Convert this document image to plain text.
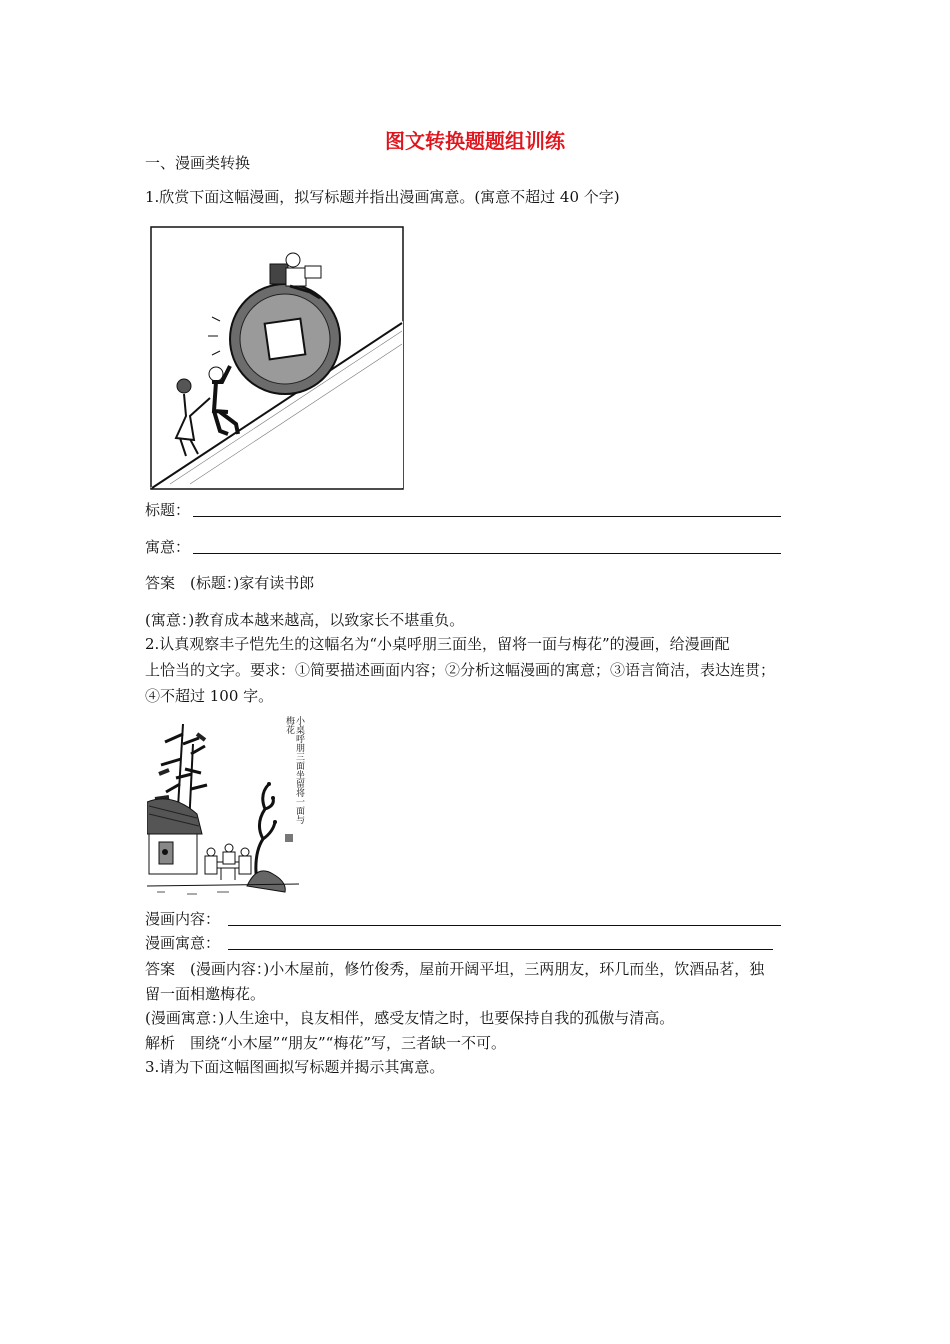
图文转换题题组训练
一、漫画类转换
1.欣赏下面这幅漫画，拟写标题并指出漫画寓意。(寓意不超过 40 个字)
标题：
寓意：
答案　(标题：)家有读书郎
(寓意：)教育成本越来越高，以致家长不堪重负。
2.认真观察丰子恺先生的这幅名为“小桌呼朋三面坐，留将一面与梅花”的漫画，给漫画配
上恰当的文字。要求：①简要描述画面内容；②分析这幅漫画的寓意；③语言简洁，表达连贯；
④不超过 100 字。
小桌呼朋三面坐留将一面与梅花
漫画内容：
漫画寓意：
答案　(漫画内容：)小木屋前，修竹俊秀，屋前开阔平坦，三两朋友，环几而坐，饮酒品茗，独
留一面相邀梅花。
(漫画寓意：)人生途中，良友相伴，感受友情之时，也要保持自我的孤傲与清高。
解析　围绕“小木屋”“朋友”“梅花”写，三者缺一不可。
3.请为下面这幅图画拟写标题并揭示其寓意。
